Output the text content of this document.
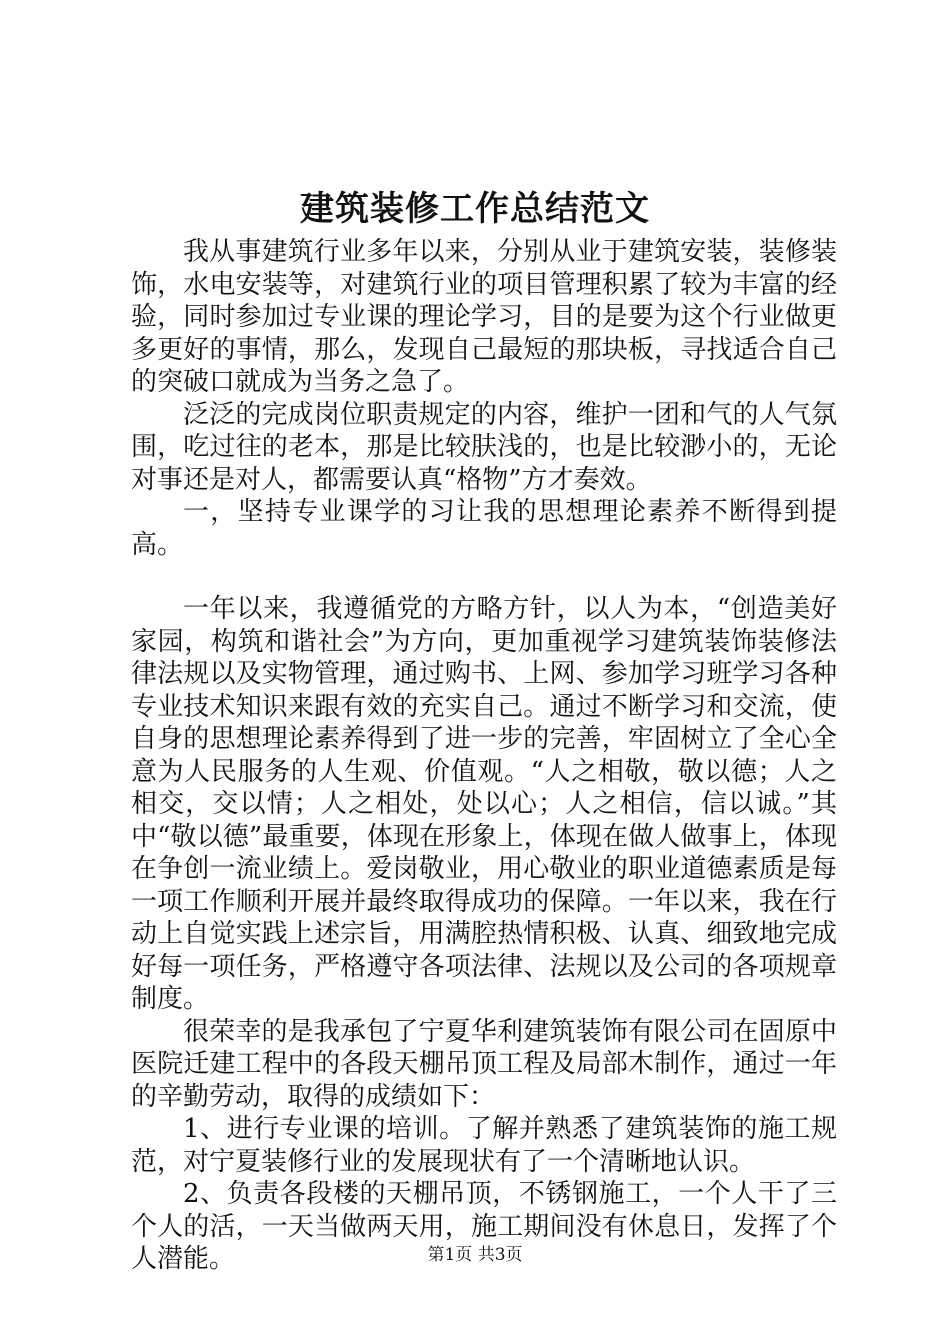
建筑装修工作总结范文

我从事建筑行业多年以来，分别从业于建筑安装，装修装饰，水电安装等，对建筑行业的项目管理积累了较为丰富的经验，同时参加过专业课的理论学习，目的是要为这个行业做更多更好的事情，那么，发现自己最短的那块板，寻找适合自己的突破口就成为当务之急了。

泛泛的完成岗位职责规定的内容，维护一团和气的人气氛围，吃过往的老本，那是比较肤浅的，也是比较渺小的，无论对事还是对人，都需要认真“格物”方才奏效。

一，坚持专业课学的习让我的思想理论素养不断得到提高。

一年以来，我遵循党的方略方针，以人为本，“创造美好家园，构筑和谐社会”为方向，更加重视学习建筑装饰装修法律法规以及实物管理，通过购书、上网、参加学习班学习各种专业技术知识来跟有效的充实自己。通过不断学习和交流，使自身的思想理论素养得到了进一步的完善，牢固树立了全心全意为人民服务的人生观、价值观。“人之相敬，敬以德；人之相交，交以情；人之相处，处以心；人之相信，信以诚。”其中“敬以德”最重要，体现在形象上，体现在做人做事上，体现在争创一流业绩上。爱岗敬业，用心敬业的职业道德素质是每一项工作顺利开展并最终取得成功的保障。一年以来，我在行动上自觉实践上述宗旨，用满腔热情积极、认真、细致地完成好每一项任务，严格遵守各项法律、法规以及公司的各项规章制度。

很荣幸的是我承包了宁夏华利建筑装饰有限公司在固原中医院迁建工程中的各段天棚吊顶工程及局部木制作，通过一年的辛勤劳动，取得的成绩如下：

1、进行专业课的培训。了解并熟悉了建筑装饰的施工规范，对宁夏装修行业的发展现状有了一个清晰地认识。

2、负责各段楼的天棚吊顶，不锈钢施工，一个人干了三个人的活，一天当做两天用，施工期间没有休息日，发挥了个人潜能。	第1页 共3页
